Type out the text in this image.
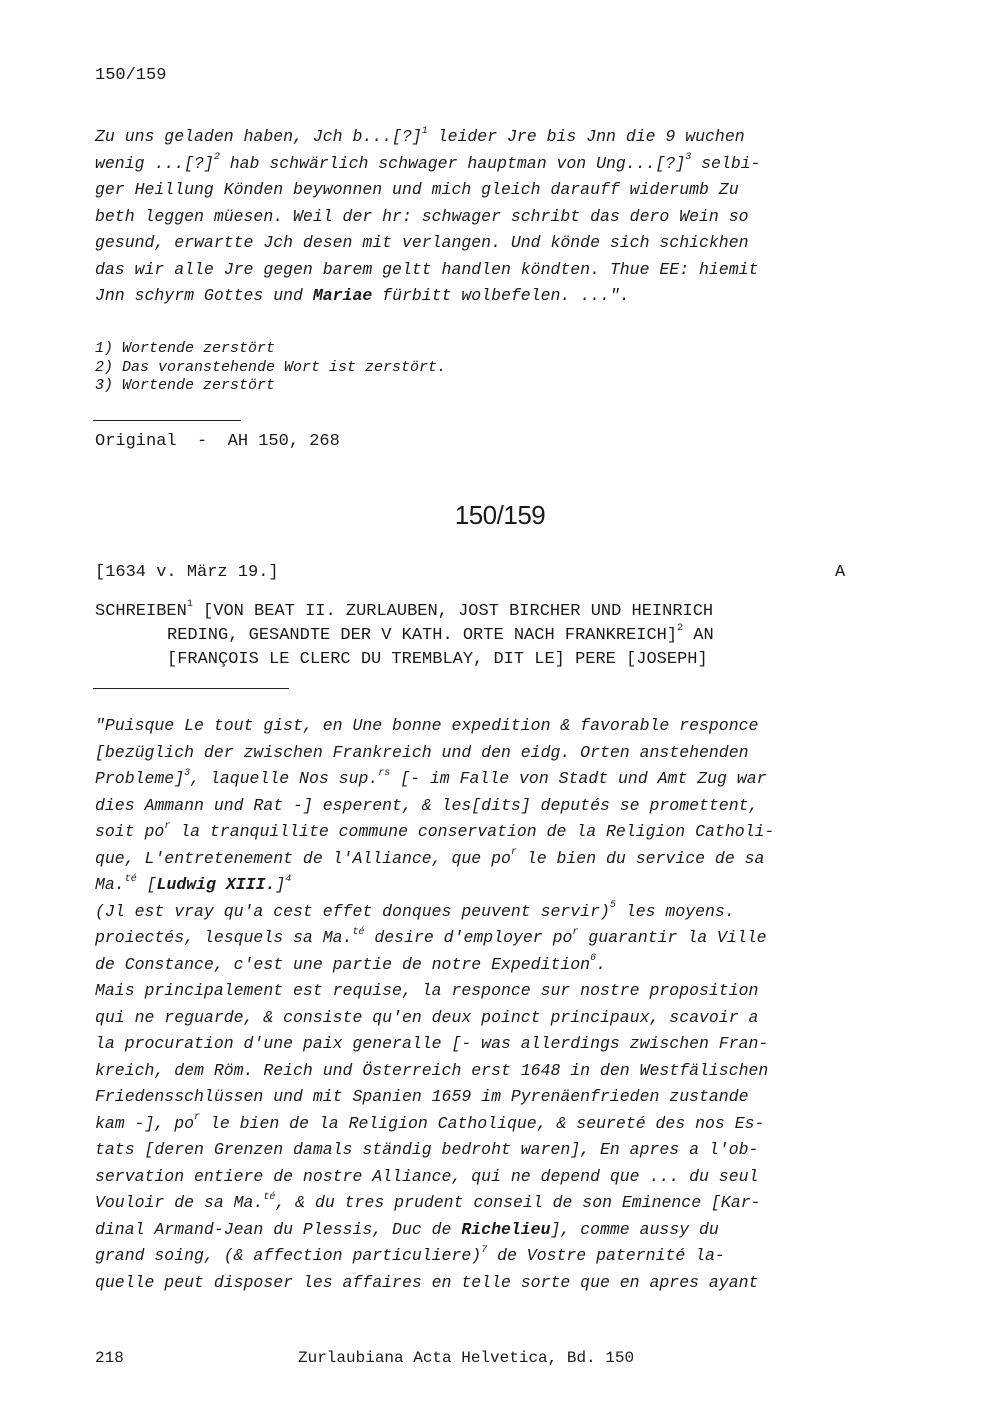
150/159
Zu uns geladen haben, Jch b...[?]$^1$ leider Jre bis Jnn die 9 wuchen
wenig ...[?]$^2$ hab schwärlich schwager hauptman von Ung...[?]$^3$ selbi-
ger Heillung Könden beywonnen und mich gleich darauff widerumb Zu
beth leggen müesen. Weil der hr: schwager schribt das dero Wein so
gesund, erwartte Jch desen mit verlangen. Und könde sich schickhen
das wir alle Jre gegen barem geltt handlen köndten. Thue EE: hiemit
Jnn schyrm Gottes und Mariae fürbitt wolbefelen. ...".
1) Wortende zerstört
2) Das voranstehende Wort ist zerstört.
3) Wortende zerstört
Original  -  AH 150, 268
150/159
[1634 v. März 19.]	A
SCHREIBEN$^1$ [VON BEAT II. ZURLAUBEN, JOST BIRCHER UND HEINRICH
REDING, GESANDTE DER V KATH. ORTE NACH FRANKREICH]$^2$ AN
[FRANÇOIS LE CLERC DU TREMBLAY, DIT LE] PERE [JOSEPH]
"Puisque Le tout gist, en Une bonne expedition & favorable responce
[bezüglich der zwischen Frankreich und den eidg. Orten anstehenden
Probleme]$^3$, laquelle Nos sup.$^{rs}$ [- im Falle von Stadt und Amt Zug war
dies Ammann und Rat -] esperent, & les[dits] deputés se promettent,
soit $po^r$ la tranquillite commune conservation de la Religion Catholi-
que, L'entretenement de l'Alliance, que $po^r$ le bien du service de sa
Ma.$^{té}$ [Ludwig XIII.]$^4$
(Jl est vray qu'a cest effet donques peuvent servir)$^5$ les moyens.
proiectés, lesquels sa Ma.$^{té}$ desire d'employer $po^r$ guarantir la Ville
de Constance, c'est une partie de notre Expedition$^6$.
Mais principalement est requise, la responce sur nostre proposition
qui ne reguarde, & consiste qu'en deux poinct principaux, scavoir a
la procuration d'une paix generalle [- was allerdings zwischen Fran-
kreich, dem Röm. Reich und Österreich erst 1648 in den Westfälischen
Friedensschlüssen und mit Spanien 1659 im Pyrenäenfrieden zustande
kam -], $po^r$ le bien de la Religion Catholique, & seureté des nos Es-
tats [deren Grenzen damals ständig bedroht waren], En apres a l'ob-
servation entiere de nostre Alliance, qui ne depend que ... du seul
Vouloir de sa Ma.$^{té}$, & du tres prudent conseil de son Eminence [Kar-
dinal Armand-Jean du Plessis, Duc de Richelieu], comme aussy du
grand soing, (& affection particuliere)$^7$ de Vostre paternité la-
quelle peut disposer les affaires en telle sorte que en apres ayant
218	Zurlaubiana Acta Helvetica, Bd. 150
